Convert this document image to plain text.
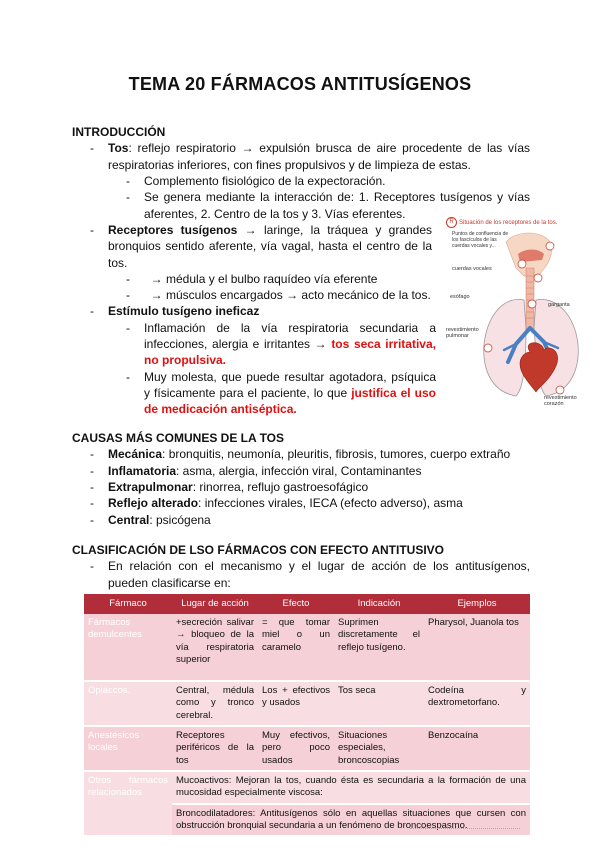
TEMA 20 FÁRMACOS ANTITUSÍGENOS
INTRODUCCIÓN
- Tos: reflejo respiratorio → expulsión brusca de aire procedente de las vías respiratorias inferiores, con fines propulsivos y de limpieza de estas.
- Complemento fisiológico de la expectoración.
- Se genera mediante la interacción de: 1. Receptores tusígenos y vías aferentes, 2. Centro de la tos y 3. Vías eferentes.
- Receptores tusígenos → laringe, la tráquea y grandes bronquios sentido aferente, vía vagal, hasta el centro de la tos.
- → médula y el bulbo raquídeo vía eferente
- → músculos encargados → acto mecánico de la tos.
- Estímulo tusígeno ineficaz
- Inflamación de la vía respiratoria secundaria a infecciones, alergia e irritantes → tos seca irritativa, no propulsiva.
- Muy molesta, que puede resultar agotadora, psíquica y físicamente para el paciente, lo que justifica el uso de medicación antiséptica.
R Situación de los receptores de la tos.
Puntos de confluencia de los fascículos de las cuerdas vocales y...
cuerdas vocales
esófago
garganta
revestimiento pulmonar
revestimiento corazón
CAUSAS MÁS COMUNES DE LA TOS
- Mecánica: bronquitis, neumonía, pleuritis, fibrosis, tumores, cuerpo extraño
- Inflamatoria: asma, alergia, infección viral, Contaminantes
- Extrapulmonar: rinorrea, reflujo gastroesofágico
- Reflejo alterado: infecciones virales, IECA (efecto adverso), asma
- Central: psicógena
CLASIFICACIÓN DE LSO FÁRMACOS CON EFECTO ANTITUSIVO
- En relación con el mecanismo y el lugar de acción de los antitusígenos, pueden clasificarse en:
Fármaco	Lugar de acción	Efecto	Indicación	Ejemplos
Fármacos demulcentes	+secreción salivar → bloqueo de la vía respiratoria superior	= que tomar miel o un caramelo	Suprimen discretamente el reflejo tusígeno.	Pharysol, Juanola tos
Opiáccos.	Central, médula como y tronco cerebral.	Los + efectivos y usados	Tos seca	Codeína y dextrometorfano.
Anestésicos locales	Receptores periféricos de la tos	Muy efectivos, pero poco usados	Situaciones especiales, broncoscopias	Benzocaína
Otros fármacos relacionados	Mucoactivos: Mejoran la tos, cuando ésta es secundaria a la formación de una mucosidad especialmente viscosa:			
	Broncodilatadores: Antitusígenos sólo en aquellas situaciones que cursen con obstrucción bronquial secundaria a un fenómeno de broncoespasmo.			
